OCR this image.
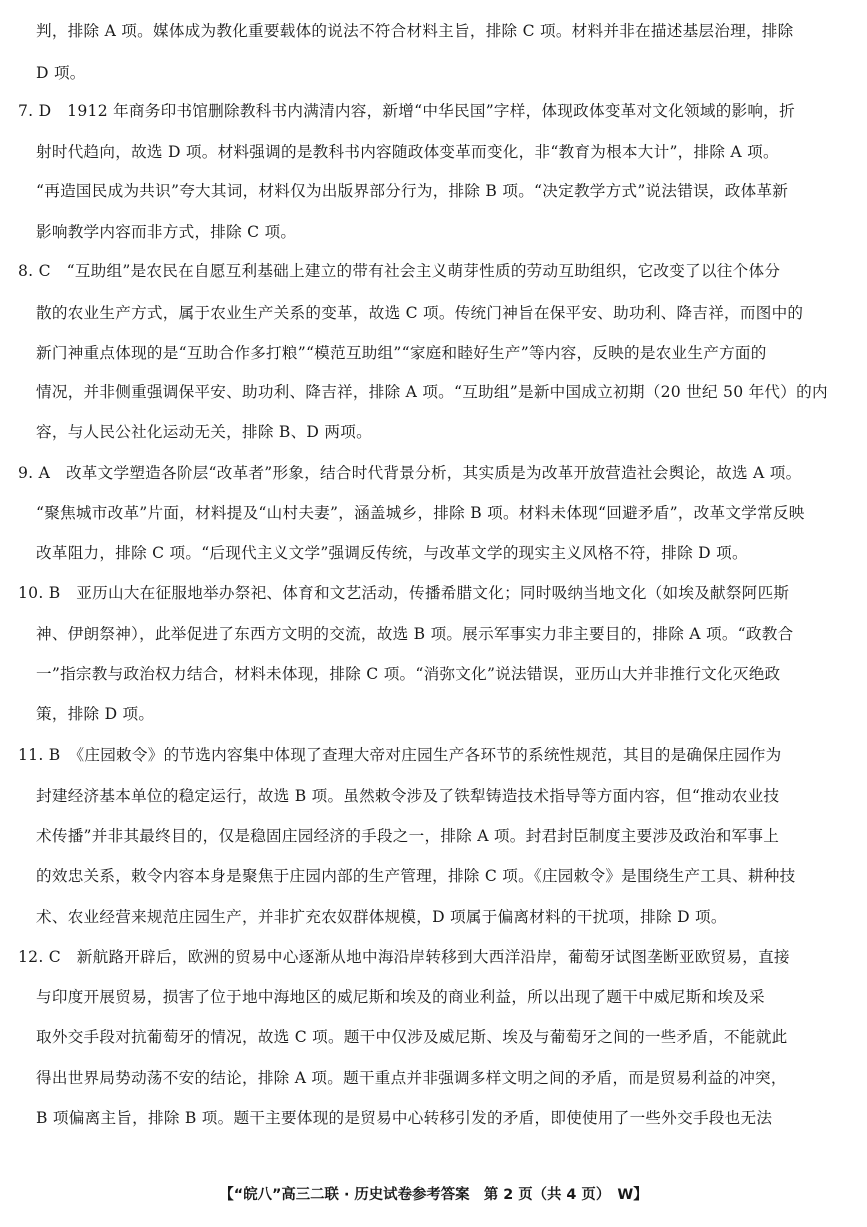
判，排除 A 项。媒体成为教化重要载体的说法不符合材料主旨，排除 C 项。材料并非在描述基层治理，排除
D 项。
7. D　1912 年商务印书馆删除教科书内满清内容，新增“中华民国”字样，体现政体变革对文化领域的影响，折
射时代趋向，故选 D 项。材料强调的是教科书内容随政体变革而变化，非“教育为根本大计”，排除 A 项。
“再造国民成为共识”夸大其词，材料仅为出版界部分行为，排除 B 项。“决定教学方式”说法错误，政体革新
影响教学内容而非方式，排除 C 项。
8. C　“互助组”是农民在自愿互利基础上建立的带有社会主义萌芽性质的劳动互助组织，它改变了以往个体分
散的农业生产方式，属于农业生产关系的变革，故选 C 项。传统门神旨在保平安、助功利、降吉祥，而图中的
新门神重点体现的是“互助合作多打粮”“模范互助组”“家庭和睦好生产”等内容，反映的是农业生产方面的
情况，并非侧重强调保平安、助功利、降吉祥，排除 A 项。“互助组”是新中国成立初期（20 世纪 50 年代）的内
容，与人民公社化运动无关，排除 B、D 两项。
9. A　改革文学塑造各阶层“改革者”形象，结合时代背景分析，其实质是为改革开放营造社会舆论，故选 A 项。
“聚焦城市改革”片面，材料提及“山村夫妻”，涵盖城乡，排除 B 项。材料未体现“回避矛盾”，改革文学常反映
改革阻力，排除 C 项。“后现代主义文学”强调反传统，与改革文学的现实主义风格不符，排除 D 项。
10. B　亚历山大在征服地举办祭祀、体育和文艺活动，传播希腊文化；同时吸纳当地文化（如埃及献祭阿匹斯
神、伊朗祭神），此举促进了东西方文明的交流，故选 B 项。展示军事实力非主要目的，排除 A 项。“政教合
一”指宗教与政治权力结合，材料未体现，排除 C 项。“消弥文化”说法错误，亚历山大并非推行文化灭绝政
策，排除 D 项。
11. B　《庄园敕令》的节选内容集中体现了查理大帝对庄园生产各环节的系统性规范，其目的是确保庄园作为
封建经济基本单位的稳定运行，故选 B 项。虽然敕令涉及了铁犁铸造技术指导等方面内容，但“推动农业技
术传播”并非其最终目的，仅是稳固庄园经济的手段之一，排除 A 项。封君封臣制度主要涉及政治和军事上
的效忠关系，敕令内容本身是聚焦于庄园内部的生产管理，排除 C 项。《庄园敕令》是围绕生产工具、耕种技
术、农业经营来规范庄园生产，并非扩充农奴群体规模，D 项属于偏离材料的干扰项，排除 D 项。
12. C　新航路开辟后，欧洲的贸易中心逐渐从地中海沿岸转移到大西洋沿岸，葡萄牙试图垄断亚欧贸易，直接
与印度开展贸易，损害了位于地中海地区的威尼斯和埃及的商业利益，所以出现了题干中威尼斯和埃及采
取外交手段对抗葡萄牙的情况，故选 C 项。题干中仅涉及威尼斯、埃及与葡萄牙之间的一些矛盾，不能就此
得出世界局势动荡不安的结论，排除 A 项。题干重点并非强调多样文明之间的矛盾，而是贸易利益的冲突，
B 项偏离主旨，排除 B 项。题干主要体现的是贸易中心转移引发的矛盾，即使使用了一些外交手段也无法
【“皖八”高三二联 · 历史试卷参考答案　第 2 页（共 4 页）　W】
